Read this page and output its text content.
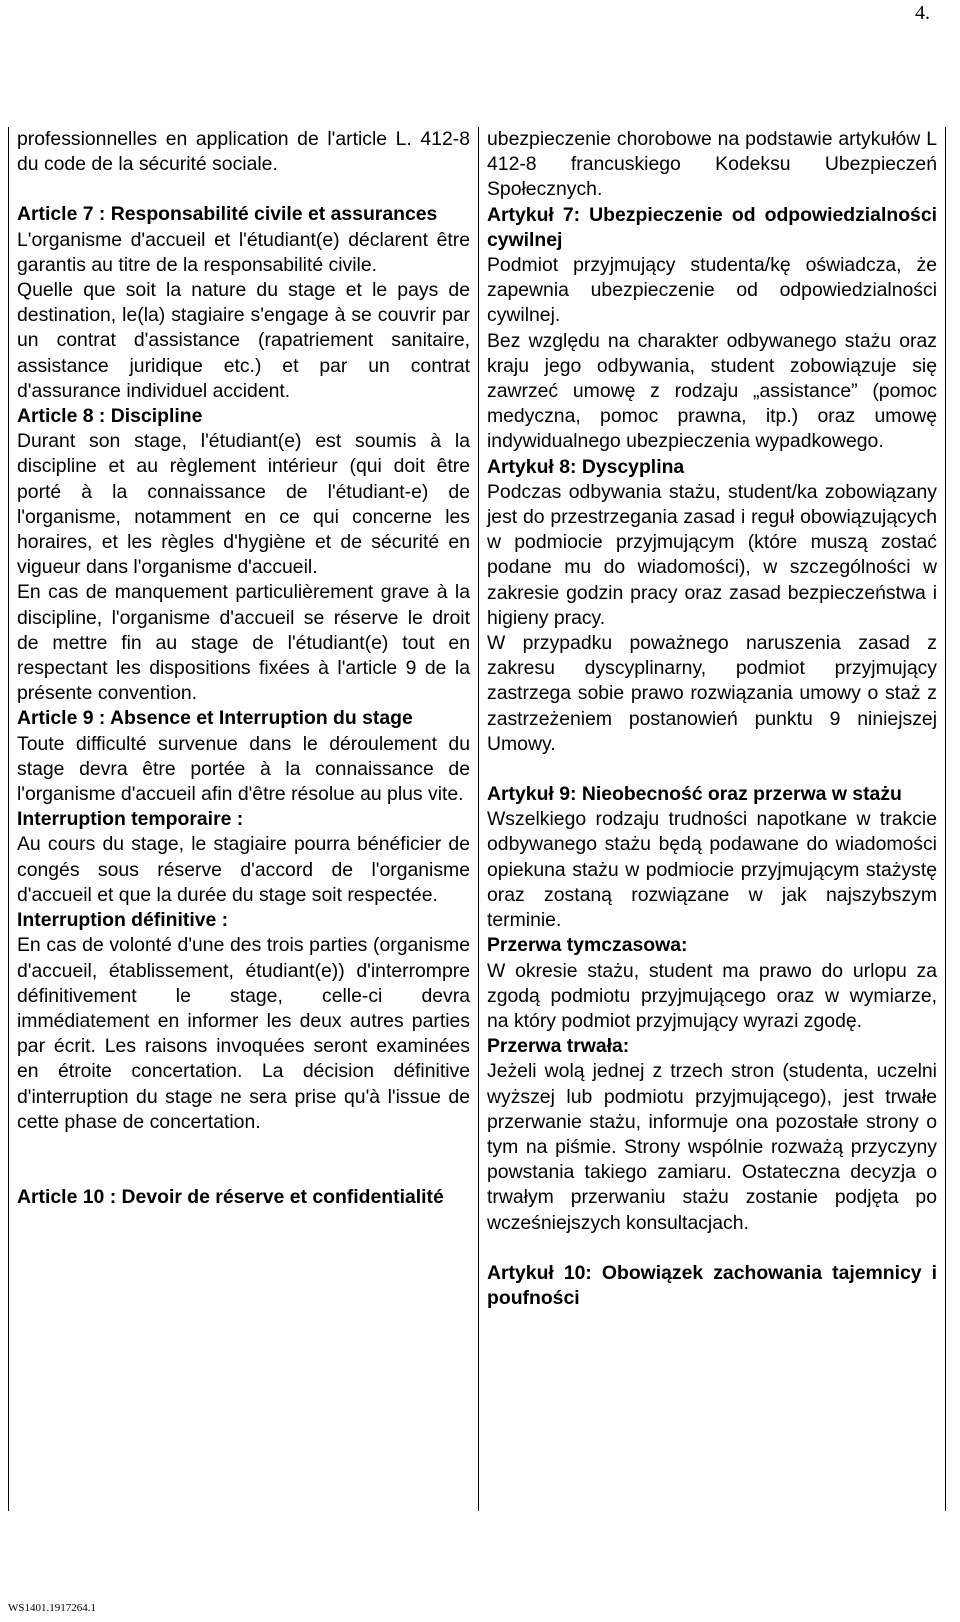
4.

professionnelles en application de l'article L. 412-8 du code de la sécurité sociale.

Article 7 : Responsabilité civile et assurances

L'organisme d'accueil et l'étudiant(e) déclarent être garantis au titre de la responsabilité civile.

Quelle que soit la nature du stage et le pays de destination, le(la) stagiaire s'engage à se couvrir par un contrat d'assistance (rapatriement sanitaire, assistance juridique etc.) et par un contrat d'assurance individuel accident.

Article 8 : Discipline

Durant son stage, l'étudiant(e) est soumis à la discipline et au règlement intérieur (qui doit être porté à la connaissance de l'étudiant-e) de l'organisme, notamment en ce qui concerne les horaires, et les règles d'hygiène et de sécurité en vigueur dans l'organisme d'accueil.

En cas de manquement particulièrement grave à la discipline, l'organisme d'accueil se réserve le droit de mettre fin au stage de l'étudiant(e) tout en respectant les dispositions fixées à l'article 9 de la présente convention.

Article 9 : Absence et Interruption du stage

Toute difficulté survenue dans le déroulement du stage devra être portée à la connaissance de l'organisme d'accueil afin d'être résolue au plus vite.

Interruption temporaire :

Au cours du stage, le stagiaire pourra bénéficier de congés sous réserve d'accord de l'organisme d'accueil et que la durée du stage soit respectée.

Interruption définitive :

En cas de volonté d'une des trois parties (organisme d'accueil, établissement, étudiant(e)) d'interrompre définitivement le stage, celle-ci devra immédiatement en informer les deux autres parties par écrit. Les raisons invoquées seront examinées en étroite concertation. La décision définitive d'interruption du stage ne sera prise qu'à l'issue de cette phase de concertation.

Article 10 : Devoir de réserve et confidentialité

ubezpieczenie chorobowe na podstawie artykułów L 412-8 francuskiego Kodeksu Ubezpieczeń Społecznych.

Artykuł 7: Ubezpieczenie od odpowiedzialności cywilnej

Podmiot przyjmujący studenta/kę oświadcza, że zapewnia ubezpieczenie od odpowiedzialności cywilnej.

Bez względu na charakter odbywanego stażu oraz kraju jego odbywania, student zobowiązuje się zawrzeć umowę z rodzaju „assistance” (pomoc medyczna, pomoc prawna, itp.) oraz umowę indywidualnego ubezpieczenia wypadkowego.

Artykuł 8: Dyscyplina

Podczas odbywania stażu, student/ka zobowiązany jest do przestrzegania zasad i reguł obowiązujących w podmiocie przyjmującym (które muszą zostać podane mu do wiadomości), w szczególności w zakresie godzin pracy oraz zasad bezpieczeństwa i higieny pracy.

W przypadku poważnego naruszenia zasad z zakresu dyscyplinarny, podmiot przyjmujący zastrzega sobie prawo rozwiązania umowy o staż z zastrzeżeniem postanowień punktu 9 niniejszej Umowy.

Artykuł 9: Nieobecność oraz przerwa w stażu

Wszelkiego rodzaju trudności napotkane w trakcie odbywanego stażu będą podawane do wiadomości opiekuna stażu w podmiocie przyjmującym stażystę oraz zostaną rozwiązane w jak najszybszym terminie.

Przerwa tymczasowa:

W okresie stażu, student ma prawo do urlopu za zgodą podmiotu przyjmującego oraz w wymiarze, na który podmiot przyjmujący wyrazi zgodę.

Przerwa trwała:

Jeżeli wolą jednej z trzech stron (studenta, uczelni wyższej lub podmiotu przyjmującego), jest trwałe przerwanie stażu, informuje ona pozostałe strony o tym na piśmie. Strony wspólnie rozważą przyczyny powstania takiego zamiaru. Ostateczna decyzja o trwałym przerwaniu stażu zostanie podjęta po wcześniejszych konsultacjach.

Artykuł 10: Obowiązek zachowania tajemnicy i poufności

WS1401.1917264.1
